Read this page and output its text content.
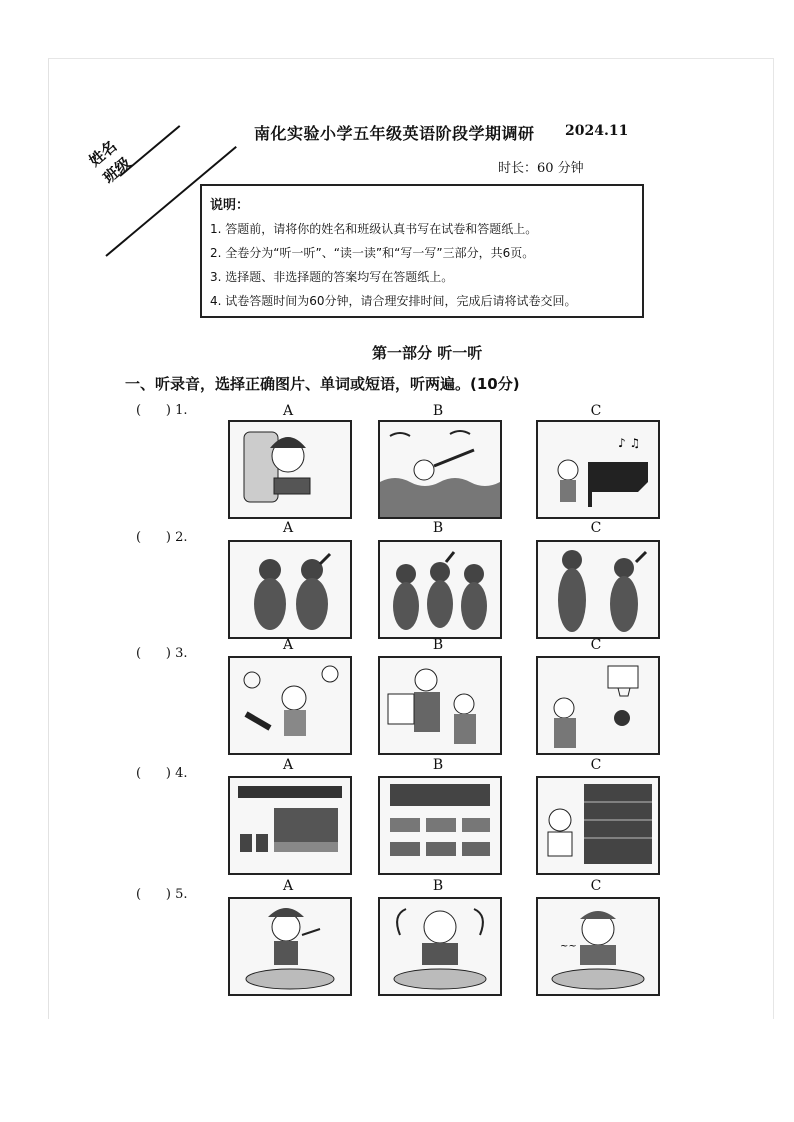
姓名
班级
南化实验小学五年级英语阶段学期调研 2024.11
时长：60 分钟
说明：
1. 答题前，请将你的姓名和班级认真书写在试卷和答题纸上。
2. 全卷分为“听一听”、“读一读”和“写一写”三部分，共6页。
3. 选择题、非选择题的答案均写在答题纸上。
4. 试卷答题时间为60分钟，请合理安排时间，完成后请将试卷交回。
第一部分 听一听
一、听录音，选择正确图片、单词或短语，听两遍。(10分)
(      ) 1.	A	B	C
♪ ♫
(      ) 2.
A	B	C
(      ) 3.
A	B	C
(      ) 4.
A	B	C
(      ) 5.
A	B	C
~~
